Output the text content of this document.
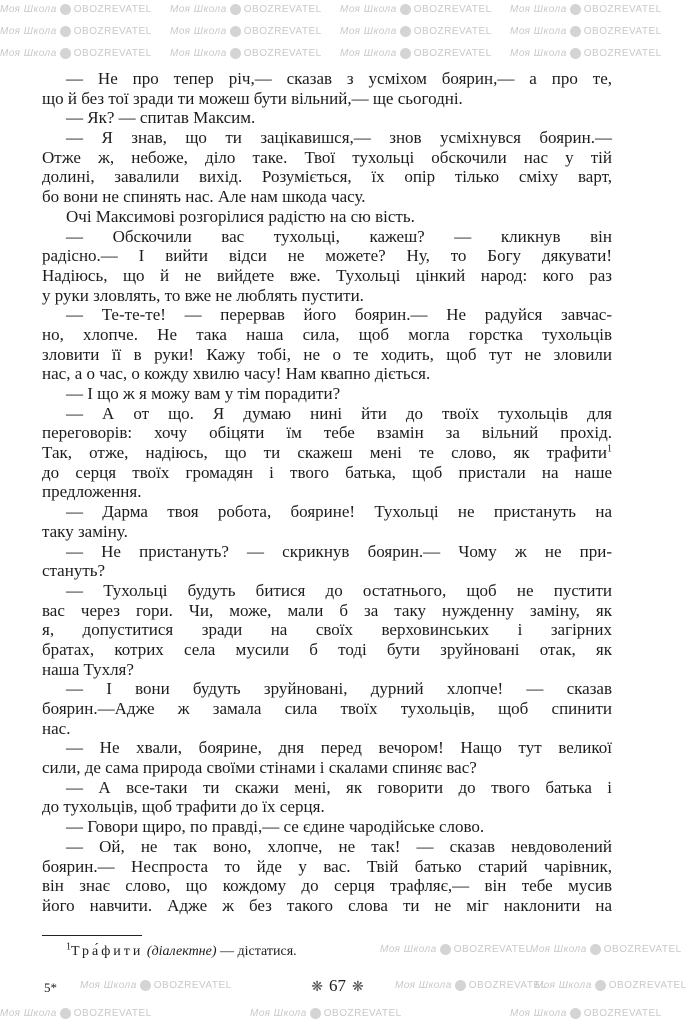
Моя Школа OBOZREVATEL Моя Школа OBOZREVATEL Моя Школа OBOZREVATEL Моя Школа OBOZREVATEL
Моя Школа OBOZREVATEL Моя Школа OBOZREVATEL Моя Школа OBOZREVATEL Моя Школа OBOZREVATEL
Моя Школа OBOZREVATEL Моя Школа OBOZREVATEL Моя Школа OBOZREVATEL Моя Школа OBOZREVATEL
Моя Школа OBOZREVATEL
Моя Школа OBOZREVATEL
Моя Школа OBOZREVATEL	Моя Школа OBOZREVATEL
Моя Школа OBOZREVATEL
Моя Школа OBOZREVATEL	Моя Школа OBOZREVATEL	Моя Школа OBOZREVATEL
— Не про тепер річ,— сказав з усміхом боярин,— а про те,
що й без тої зради ти можеш бути вільний,— ще сьогодні.
— Як? — спитав Максим.
— Я знав, що ти зацікавишся,— знов усміхнувся боярин.—
Отже ж, небоже, діло таке. Твої тухольці обскочили нас у тій
долині, завалили вихід. Розуміється, їх опір тілько сміху варт,
бо вони не спинять нас. Але нам шкода часу.
Очі Максимові розгорілися радістю на сю вість.
— Обскочили вас тухольці, кажеш? — кликнув він
радісно.— І вийти відси не можете? Ну, то Богу дякувати!
Надіюсь, що й не вийдете вже. Тухольці цінкий народ: кого раз
у руки зловлять, то вже не люблять пустити.
— Те-те-те! — перервав його боярин.— Не радуйся завчас-
но, хлопче. Не така наша сила, щоб могла горстка тухольців
зловити її в руки! Кажу тобі, не о те ходить, щоб тут не зловили
нас, а о час, о кожду хвилю часу! Нам квапно діється.
— І що ж я можу вам у тім порадити?
— А от що. Я думаю нині йти до твоїх тухольців для
переговорів: хочу обіцяти їм тебе взамін за вільний прохід.
Так, отже, надіюсь, що ти скажеш мені те слово, як трафити$^1$
до серця твоїх громадян і твого батька, щоб пристали на наше
предложення.
— Дарма твоя робота, боярине! Тухольці не пристануть на
таку заміну.
— Не пристануть? — скрикнув боярин.— Чому ж не при-
стануть?
— Тухольці будуть битися до остатнього, щоб не пустити
вас через гори. Чи, може, мали б за таку нужденну заміну, як
я, допуститися зради на своїх верховинських і загірних
братах, котрих села мусили б тоді бути зруйновані отак, як
наша Тухля?
— І вони будуть зруйновані, дурний хлопче! — сказав
боярин.—Адже ж замала сила твоїх тухольців, щоб спинити
нас.
— Не хвали, боярине, дня перед вечором! Нащо тут великої
сили, де сама природа своїми стінами і скалами спиняє вас?
— А все-таки ти скажи мені, як говорити до твого батька і
до тухольців, щоб трафити до їх серця.
— Говори щиро, по правді,— се єдине чародійське слово.
— Ой, не так воно, хлопче, не так! — сказав невдоволений
боярин.— Неспроста то йде у вас. Твій батько старий чарівник,
він знає слово, що кождому до серця трафляє,— він тебе мусив
його навчити. Адже ж без такого слова ти не міг наклонити на
$^1$Тра́фити (діалектне) — дістатися.
5*	❋ 67 ❋
